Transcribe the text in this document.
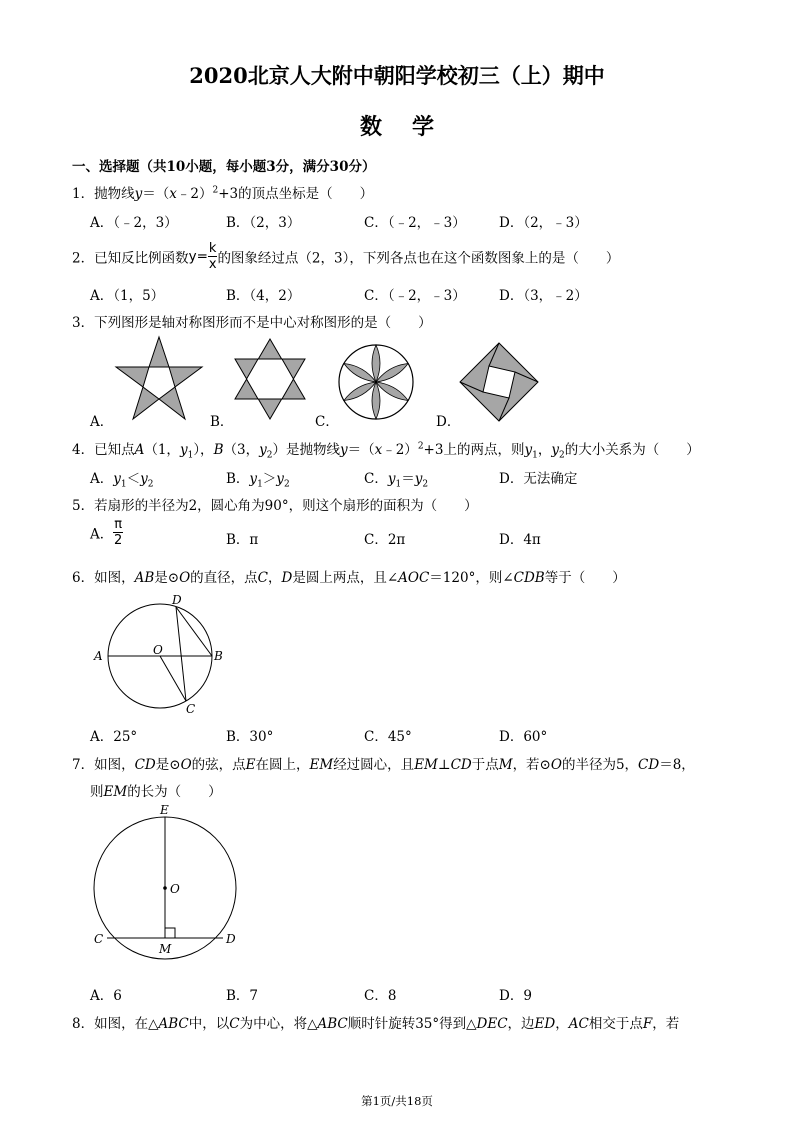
2020北京人大附中朝阳学校初三（上）期中
数学
一、选择题（共10小题，每小题3分，满分30分）
1．抛物线y＝（x﹣2）$^2$+3的顶点坐标是（　　）
A．（﹣2，3）	B．（2，3）	C．（﹣2，﹣3） D．（2，﹣3）
2．已知反比例函数$y= \frac{k}{x}$ 的图象经过点（2，3），下列各点也在这个函数图象上的是（　　）
A．（1，5）	B．（4，2）	C．（﹣2，﹣3） D．（3，﹣2）
3．下列图形是轴对称图形而不是中心对称图形的是（　　）
A．	B．	C．	D．
4．已知点A（1，$y_1$），B（3，$y_2$）是抛物线y＝（x﹣2）$^2$+3上的两点，则$y_1$，$y_2$的大小关系为（　　）
A．$y_1<y_2$	B．$y_1>y_2$	C．$y_1=y_2$	D．无法确定
5．若扇形的半径为2，圆心角为90°，则这个扇形的面积为（　　）
A． $\frac{\pi}{2}$	B．π	C．2π	D．4π
6．如图，AB是⊙O的直径，点C，D是圆上两点，且∠AOC＝120°，则∠CDB等于（　　）
D
A	O	B
C
A．25°	B．30°	C．45°	D．60°
7．如图，CD是⊙O的弦，点E在圆上，EM经过圆心，且EM⊥CD于点M，若⊙O的半径为5，CD＝8，
则EM的长为（　　）
E
O
C
M
D
A．6	B．7	C．8	D．9
8．如图，在△ABC中，以C为中心，将△ABC顺时针旋转35°得到△DEC，边ED，AC相交于点F，若
第1页/共18页
